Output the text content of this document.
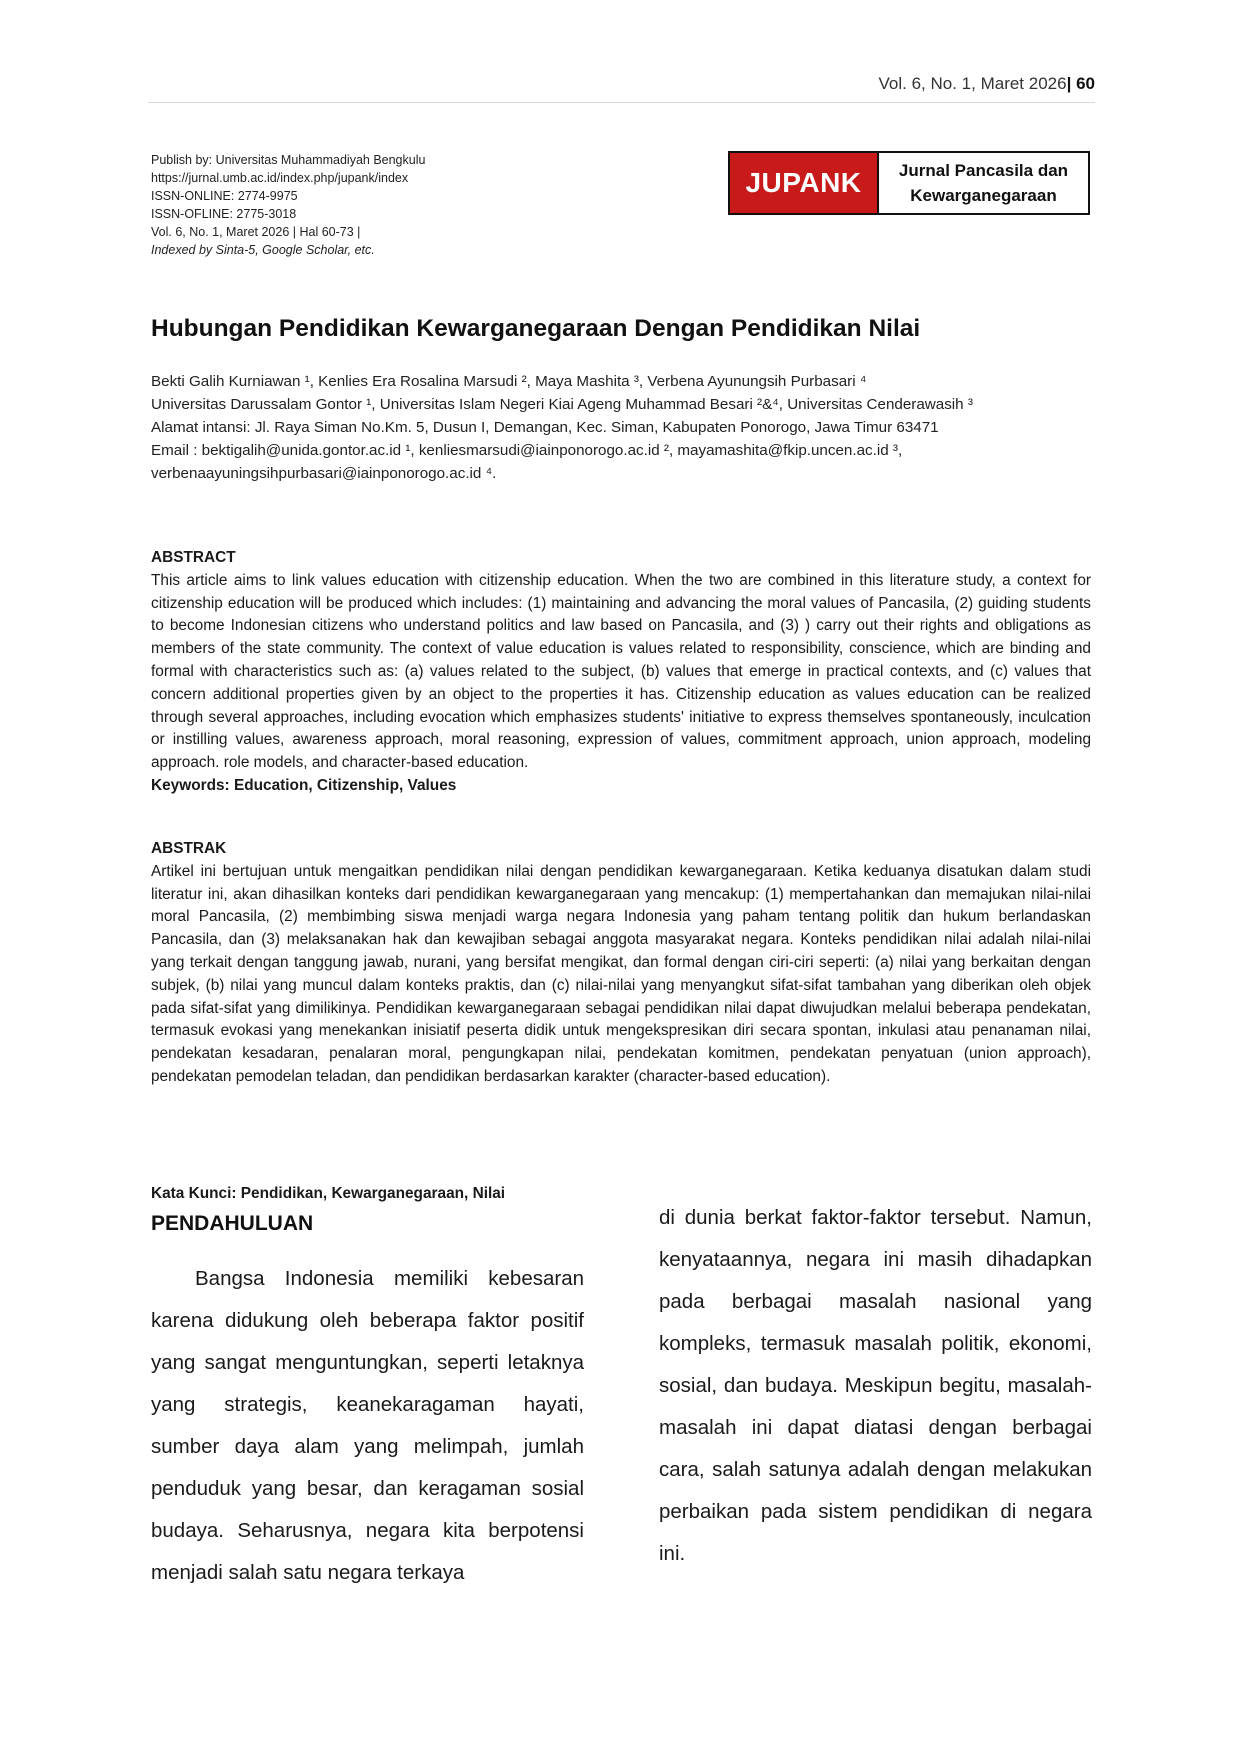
Vol. 6, No. 1, Maret 2026| 60
Publish by: Universitas Muhammadiyah Bengkulu
https://jurnal.umb.ac.id/index.php/jupank/index
ISSN-ONLINE: 2774-9975
ISSN-OFLINE: 2775-3018
Vol. 6, No. 1, Maret 2026 | Hal 60-73 |
Indexed by Sinta-5, Google Scholar, etc.
JUPANK	Jurnal Pancasila dan
Kewarganegaraan
Hubungan Pendidikan Kewarganegaraan Dengan Pendidikan Nilai
Bekti Galih Kurniawan ¹, Kenlies Era Rosalina Marsudi ², Maya Mashita ³, Verbena Ayunungsih Purbasari ⁴
Universitas Darussalam Gontor ¹, Universitas Islam Negeri Kiai Ageng Muhammad Besari ²&⁴, Universitas Cenderawasih ³
Alamat intansi: Jl. Raya Siman No.Km. 5, Dusun I, Demangan, Kec. Siman, Kabupaten Ponorogo, Jawa Timur 63471
Email : bektigalih@unida.gontor.ac.id ¹, kenliesmarsudi@iainponorogo.ac.id ², mayamashita@fkip.uncen.ac.id ³,
verbenaayuningsihpurbasari@iainponorogo.ac.id ⁴.
ABSTRACT
This article aims to link values education with citizenship education. When the two are combined in this literature study, a context for citizenship education will be produced which includes: (1) maintaining and advancing the moral values of Pancasila, (2) guiding students to become Indonesian citizens who understand politics and law based on Pancasila, and (3) ) carry out their rights and obligations as members of the state community. The context of value education is values related to responsibility, conscience, which are binding and formal with characteristics such as: (a) values related to the subject, (b) values that emerge in practical contexts, and (c) values that concern additional properties given by an object to the properties it has. Citizenship education as values education can be realized through several approaches, including evocation which emphasizes students' initiative to express themselves spontaneously, inculcation or instilling values, awareness approach, moral reasoning, expression of values, commitment approach, union approach, modeling approach. role models, and character-based education.
Keywords: Education, Citizenship, Values
ABSTRAK
Artikel ini bertujuan untuk mengaitkan pendidikan nilai dengan pendidikan kewarganegaraan. Ketika keduanya disatukan dalam studi literatur ini, akan dihasilkan konteks dari pendidikan kewarganegaraan yang mencakup: (1) mempertahankan dan memajukan nilai-nilai moral Pancasila, (2) membimbing siswa menjadi warga negara Indonesia yang paham tentang politik dan hukum berlandaskan Pancasila, dan (3) melaksanakan hak dan kewajiban sebagai anggota masyarakat negara. Konteks pendidikan nilai adalah nilai-nilai yang terkait dengan tanggung jawab, nurani, yang bersifat mengikat, dan formal dengan ciri-ciri seperti: (a) nilai yang berkaitan dengan subjek, (b) nilai yang muncul dalam konteks praktis, dan (c) nilai-nilai yang menyangkut sifat-sifat tambahan yang diberikan oleh objek pada sifat-sifat yang dimilikinya. Pendidikan kewarganegaraan sebagai pendidikan nilai dapat diwujudkan melalui beberapa pendekatan, termasuk evokasi yang menekankan inisiatif peserta didik untuk mengekspresikan diri secara spontan, inkulasi atau penanaman nilai, pendekatan kesadaran, penalaran moral, pengungkapan nilai, pendekatan komitmen, pendekatan penyatuan (union approach), pendekatan pemodelan teladan, dan pendidikan berdasarkan karakter (character-based education).
Kata Kunci: Pendidikan, Kewarganegaraan, Nilai
PENDAHULUAN
Bangsa Indonesia memiliki kebesaran karena didukung oleh beberapa faktor positif yang sangat menguntungkan, seperti letaknya yang strategis, keanekaragaman hayati, sumber daya alam yang melimpah, jumlah penduduk yang besar, dan keragaman sosial budaya. Seharusnya, negara kita berpotensi menjadi salah satu negara terkaya
di dunia berkat faktor-faktor tersebut. Namun, kenyataannya, negara ini masih dihadapkan pada berbagai masalah nasional yang kompleks, termasuk masalah politik, ekonomi, sosial, dan budaya. Meskipun begitu, masalah-masalah ini dapat diatasi dengan berbagai cara, salah satunya adalah dengan melakukan perbaikan pada sistem pendidikan di negara ini.
